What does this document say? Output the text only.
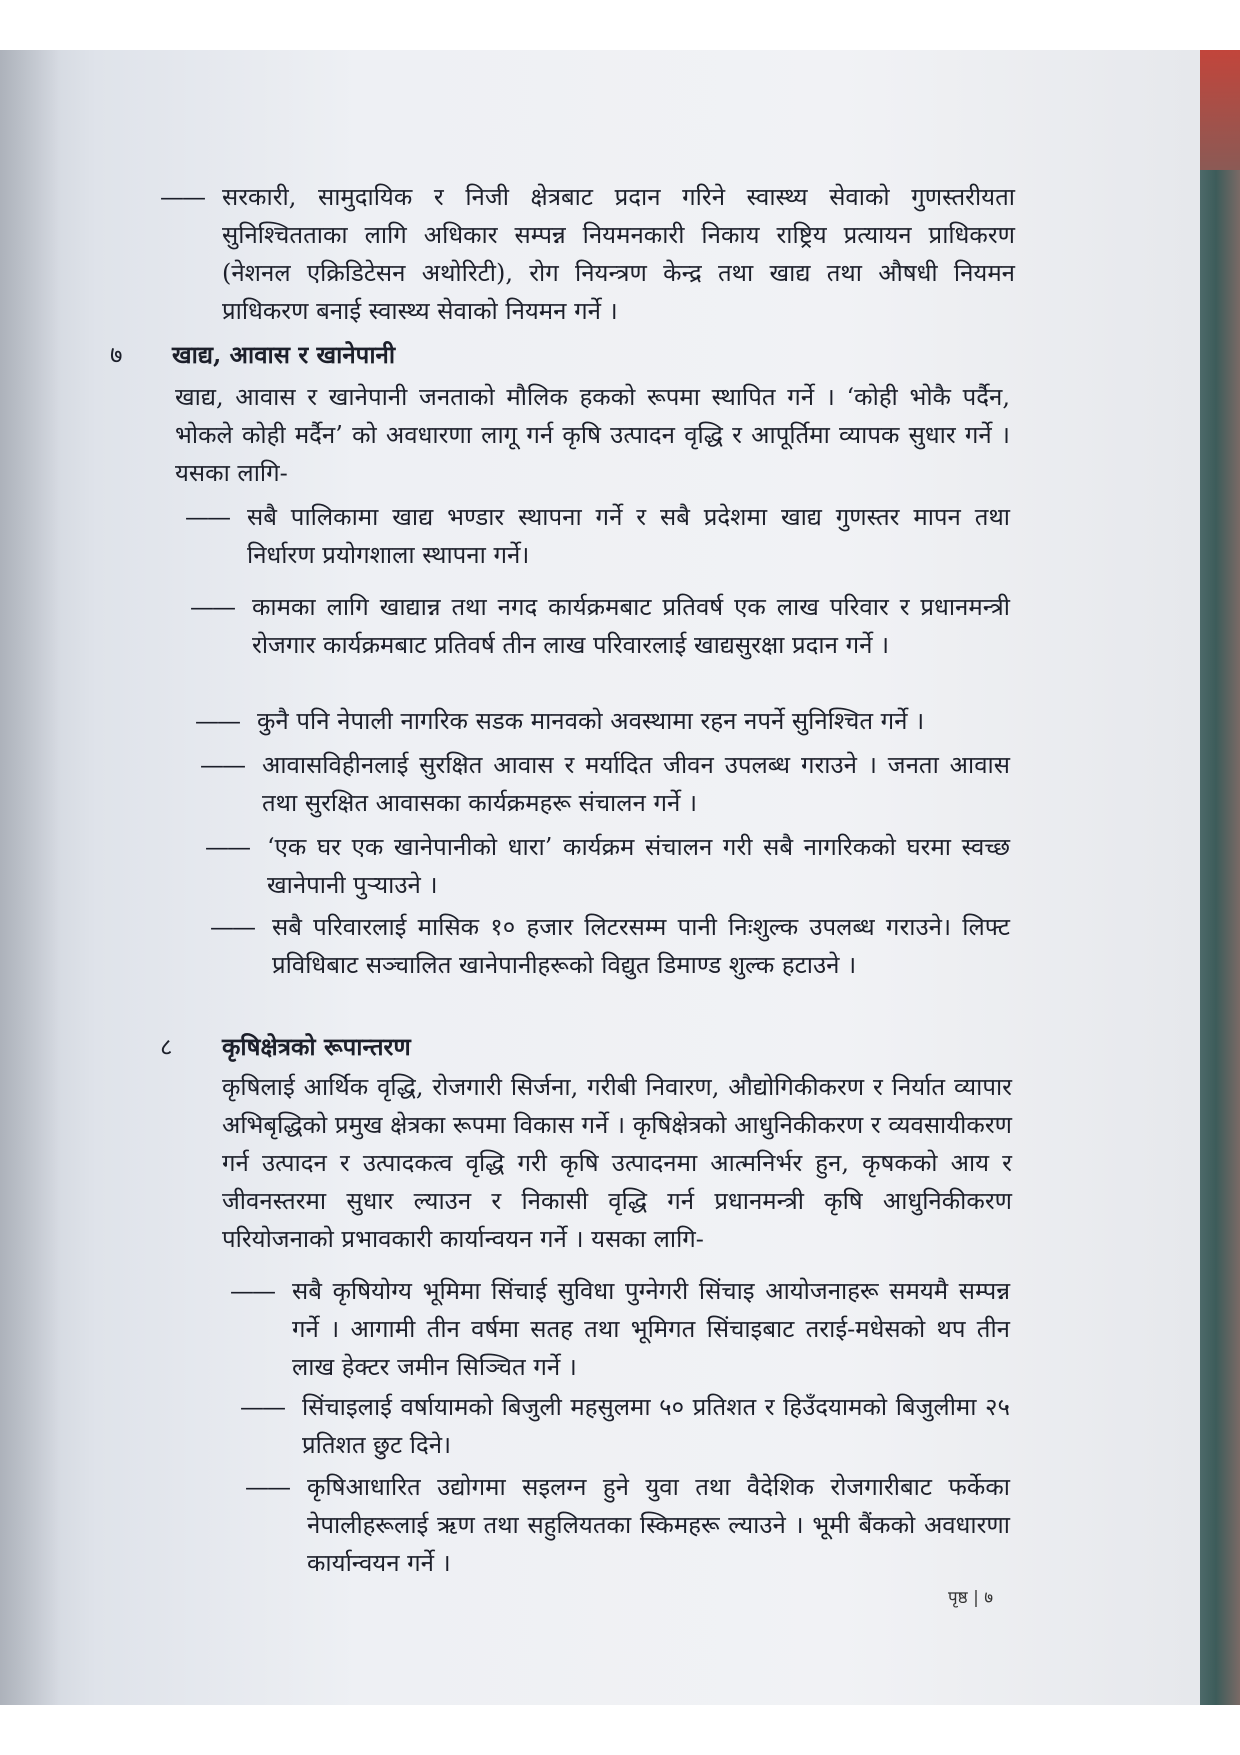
—— सरकारी, सामुदायिक र निजी क्षेत्रबाट प्रदान गरिने स्वास्थ्य सेवाको गुणस्तरीयता सुनिश्चितताका लागि अधिकार सम्पन्न नियमनकारी निकाय राष्ट्रिय प्रत्यायन प्राधिकरण (नेशनल एक्रिडिटेसन अथोरिटी), रोग नियन्त्रण केन्द्र तथा खाद्य तथा औषधी नियमन प्राधिकरण बनाई स्वास्थ्य सेवाको नियमन गर्ने ।
७	खाद्य, आवास र खानेपानी
खाद्य, आवास र खानेपानी जनताको मौलिक हकको रूपमा स्थापित गर्ने । ‘कोही भोकै पर्दैन, भोकले कोही मर्दैन’ को अवधारणा लागू गर्न कृषि उत्पादन वृद्धि र आपूर्तिमा व्यापक सुधार गर्ने । यसका लागि-
—— सबै पालिकामा खाद्य भण्डार स्थापना गर्ने र सबै प्रदेशमा खाद्य गुणस्तर मापन तथा निर्धारण प्रयोगशाला स्थापना गर्ने।
—— कामका लागि खाद्यान्न तथा नगद कार्यक्रमबाट प्रतिवर्ष एक लाख परिवार र प्रधानमन्त्री रोजगार कार्यक्रमबाट प्रतिवर्ष तीन लाख परिवारलाई खाद्यसुरक्षा प्रदान गर्ने ।
—— कुनै पनि नेपाली नागरिक सडक मानवको अवस्थामा रहन नपर्ने सुनिश्चित गर्ने ।
—— आवासविहीनलाई सुरक्षित आवास र मर्यादित जीवन उपलब्ध गराउने । जनता आवास तथा सुरक्षित आवासका कार्यक्रमहरू संचालन गर्ने ।
—— ‘एक घर एक खानेपानीको धारा’ कार्यक्रम संचालन गरी सबै नागरिकको घरमा स्वच्छ खानेपानी पुऱ्याउने ।
—— सबै परिवारलाई मासिक १० हजार लिटरसम्म पानी निःशुल्क उपलब्ध गराउने। लिफ्ट प्रविधिबाट सञ्चालित खानेपानीहरूको विद्युत डिमाण्ड शुल्क हटाउने ।
८	कृषिक्षेत्रको रूपान्तरण
कृषिलाई आर्थिक वृद्धि, रोजगारी सिर्जना, गरीबी निवारण, औद्योगिकीकरण र निर्यात व्यापार अभिबृद्धिको प्रमुख क्षेत्रका रूपमा विकास गर्ने । कृषिक्षेत्रको आधुनिकीकरण र व्यवसायीकरण गर्न उत्पादन र उत्पादकत्व वृद्धि गरी कृषि उत्पादनमा आत्मनिर्भर हुन, कृषकको आय र जीवनस्तरमा सुधार ल्याउन र निकासी वृद्धि गर्न प्रधानमन्त्री कृषि आधुनिकीकरण परियोजनाको प्रभावकारी कार्यान्वयन गर्ने । यसका लागि-
—— सबै कृषियोग्य भूमिमा सिंचाई सुविधा पुग्नेगरी सिंचाइ आयोजनाहरू समयमै सम्पन्न गर्ने । आगामी तीन वर्षमा सतह तथा भूमिगत सिंचाइबाट तराई-मधेसको थप तीन लाख हेक्टर जमीन सिञ्चित गर्ने ।
—— सिंचाइलाई वर्षायामको बिजुली महसुलमा ५० प्रतिशत र हिउँदयामको बिजुलीमा २५ प्रतिशत छुट दिने।
—— कृषिआधारित उद्योगमा सइलग्न हुने युवा तथा वैदेशिक रोजगारीबाट फर्केका नेपालीहरूलाई ऋण तथा सहुलियतका स्किमहरू ल्याउने । भूमी बैंकको अवधारणा कार्यान्वयन गर्ने ।
पृष्ठ | ७
